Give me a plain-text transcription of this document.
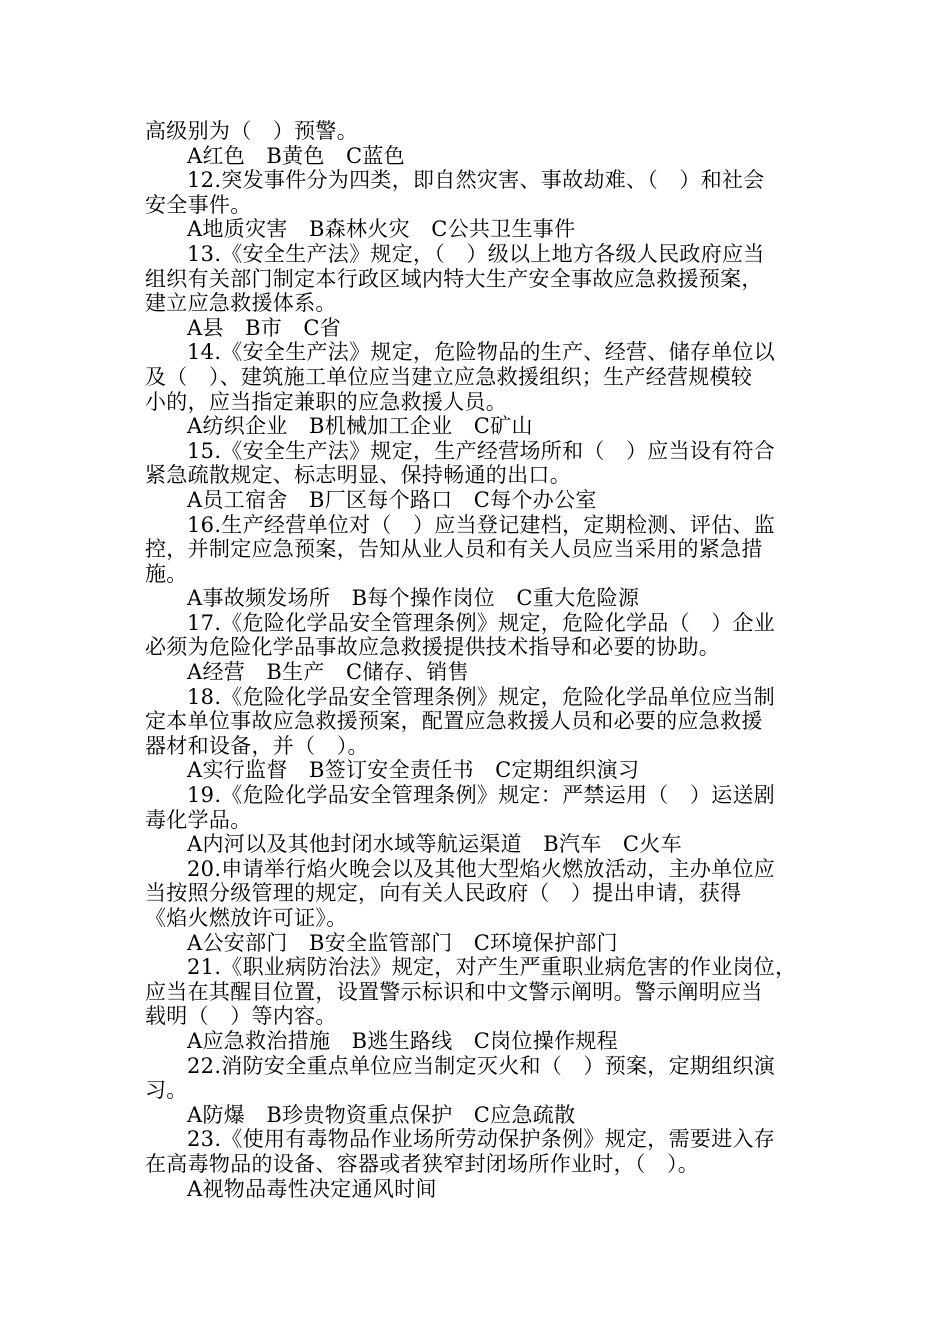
高级别为（　）预警。
A红色　B黄色　C蓝色
12.突发事件分为四类，即自然灾害、事故劫难、（　）和社会
安全事件。
A地质灾害　B森林火灾　C公共卫生事件
13.《安全生产法》规定，（　）级以上地方各级人民政府应当
组织有关部门制定本行政区域内特大生产安全事故应急救援预案，
建立应急救援体系。
A县　B市　C省
14.《安全生产法》规定，危险物品的生产、经营、储存单位以
及（　）、建筑施工单位应当建立应急救援组织；生产经营规模较
小的，应当指定兼职的应急救援人员。
A纺织企业　B机械加工企业　C矿山
15.《安全生产法》规定，生产经营场所和（　）应当设有符合
紧急疏散规定、标志明显、保持畅通的出口。
A员工宿舍　B厂区每个路口　C每个办公室
16.生产经营单位对（　）应当登记建档，定期检测、评估、监
控，并制定应急预案，告知从业人员和有关人员应当采用的紧急措
施。
A事故频发场所　B每个操作岗位　C重大危险源
17.《危险化学品安全管理条例》规定，危险化学品（　）企业
必须为危险化学品事故应急救援提供技术指导和必要的协助。
A经营　B生产　C储存、销售
18.《危险化学品安全管理条例》规定，危险化学品单位应当制
定本单位事故应急救援预案，配置应急救援人员和必要的应急救援
器材和设备，并（　）。
A实行监督　B签订安全责任书　C定期组织演习
19.《危险化学品安全管理条例》规定：严禁运用（　）运送剧
毒化学品。
A内河以及其他封闭水域等航运渠道　B汽车　C火车
20.申请举行焰火晚会以及其他大型焰火燃放活动，主办单位应
当按照分级管理的规定，向有关人民政府（　）提出申请，获得
《焰火燃放许可证》。
A公安部门　B安全监管部门　C环境保护部门
21.《职业病防治法》规定，对产生严重职业病危害的作业岗位，
应当在其醒目位置，设置警示标识和中文警示阐明。警示阐明应当
载明（　）等内容。
A应急救治措施　B逃生路线　C岗位操作规程
22.消防安全重点单位应当制定灭火和（　）预案，定期组织演
习。
A防爆　B珍贵物资重点保护　C应急疏散
23.《使用有毒物品作业场所劳动保护条例》规定，需要进入存
在高毒物品的设备、容器或者狭窄封闭场所作业时，（　）。
A视物品毒性决定通风时间
